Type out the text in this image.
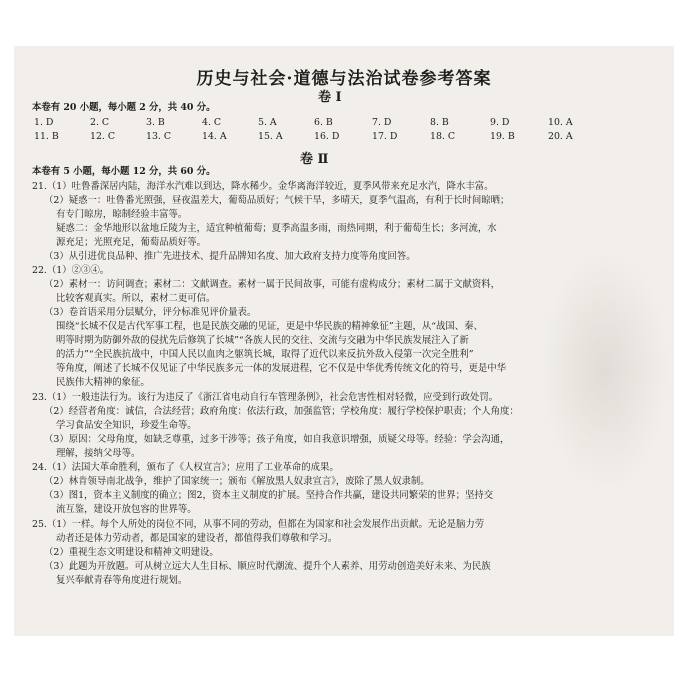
历史与社会·道德与法治试卷参考答案
卷 Ⅰ
本卷有 20 小题，每小题 2 分，共 40 分。
1. D	2. C	3. B	4. C	5. A	6. B	7. D	8. B	9. D	10. A
11. B	12. C	13. C	14. A	15. A	16. D	17. D	18. C	19. B	20. A
卷 Ⅱ
本卷有 5 小题，每小题 12 分，共 60 分。
21.（1）吐鲁番深居内陆，海洋水汽难以到达，降水稀少。金华离海洋较近，夏季风带来充足水汽，降水丰富。
（2）疑惑一：吐鲁番光照强，昼夜温差大，葡萄品质好；气候干旱，多晴天，夏季气温高，有利于长时间晾晒；
有专门晾房，晾制经验丰富等。
疑惑二：金华地形以盆地丘陵为主，适宜种植葡萄；夏季高温多雨，雨热同期，利于葡萄生长；多河流，水
源充足；光照充足，葡萄品质好等。
（3）从引进优良品种、推广先进技术、提升品牌知名度、加大政府支持力度等角度回答。
22.（1）②③④。
（2）素材一：访问调查；素材二：文献调查。素材一属于民间故事，可能有虚构成分；素材二属于文献资料，
比较客观真实。所以，素材二更可信。
（3）卷首语采用分层赋分，评分标准见评价量表。
围绕“长城不仅是古代军事工程，也是民族交融的见证，更是中华民族的精神象征”主题，从“战国、秦、
明等时期为防御外敌的侵扰先后修筑了长城”“各族人民的交往、交流与交融为中华民族发展注入了新
的活力”“全民族抗战中，中国人民以血肉之躯筑长城，取得了近代以来反抗外敌入侵第一次完全胜利”
等角度，阐述了长城不仅见证了中华民族多元一体的发展进程，它不仅是中华优秀传统文化的符号，更是中华
民族伟大精神的象征。
23.（1）一般违法行为。该行为违反了《浙江省电动自行车管理条例》，社会危害性相对轻微，应受到行政处罚。
（2）经营者角度：诚信，合法经营；政府角度：依法行政，加强监管；学校角度：履行学校保护职责；个人角度：
学习食品安全知识，珍爱生命等。
（3）原因：父母角度，如缺乏尊重，过多干涉等；孩子角度，如自我意识增强，质疑父母等。经验：学会沟通，
理解，接纳父母等。
24.（1）法国大革命胜利，颁布了《人权宣言》；应用了工业革命的成果。
（2）林肯领导南北战争，维护了国家统一；颁布《解放黑人奴隶宣言》，废除了黑人奴隶制。
（3）图1，资本主义制度的确立；图2，资本主义制度的扩展。坚持合作共赢，建设共同繁荣的世界；坚持交
流互鉴，建设开放包容的世界等。
25.（1）一样。每个人所处的岗位不同，从事不同的劳动，但都在为国家和社会发展作出贡献。无论是脑力劳
动者还是体力劳动者，都是国家的建设者，都值得我们尊敬和学习。
（2）重视生态文明建设和精神文明建设。
（3）此题为开放题。可从树立远大人生目标、顺应时代潮流、提升个人素养、用劳动创造美好未来、为民族
复兴奉献青春等角度进行规划。
